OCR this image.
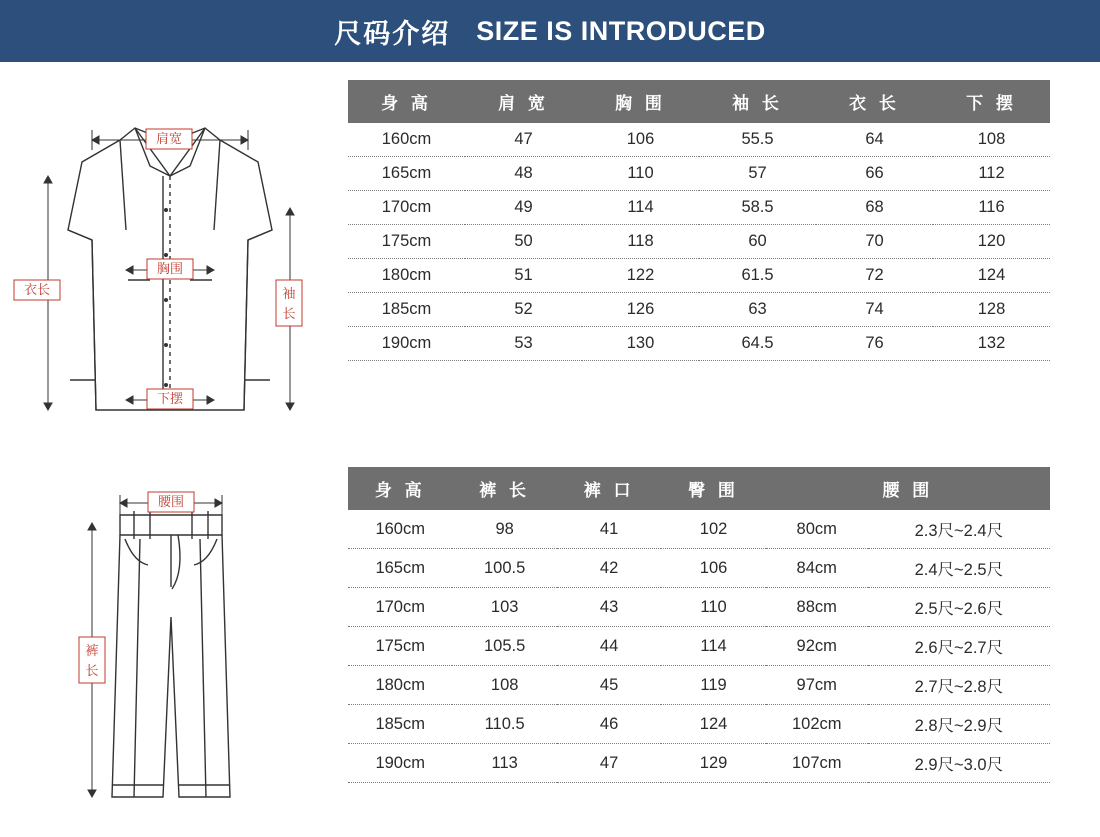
尺码介绍 SIZE IS INTRODUCED
肩宽
胸围
下摆
衣长	袖
长
身 高	肩 宽	胸 围	袖 长	衣 长	下 摆
160cm	47	106	55.5	64	108
165cm	48	110	57	66	112
170cm	49	114	58.5	68	116
175cm	50	118	60	70	120
180cm	51	122	61.5	72	124
185cm	52	126	63	74	128
190cm	53	130	64.5	76	132
腰围
裤
长
身 高	裤 长	裤 口	臀 围	腰 围	
160cm	98	41	102	80cm	2.3尺~2.4尺
165cm	100.5	42	106	84cm	2.4尺~2.5尺
170cm	103	43	110	88cm	2.5尺~2.6尺
175cm	105.5	44	114	92cm	2.6尺~2.7尺
180cm	108	45	119	97cm	2.7尺~2.8尺
185cm	110.5	46	124	102cm	2.8尺~2.9尺
190cm	113	47	129	107cm	2.9尺~3.0尺
